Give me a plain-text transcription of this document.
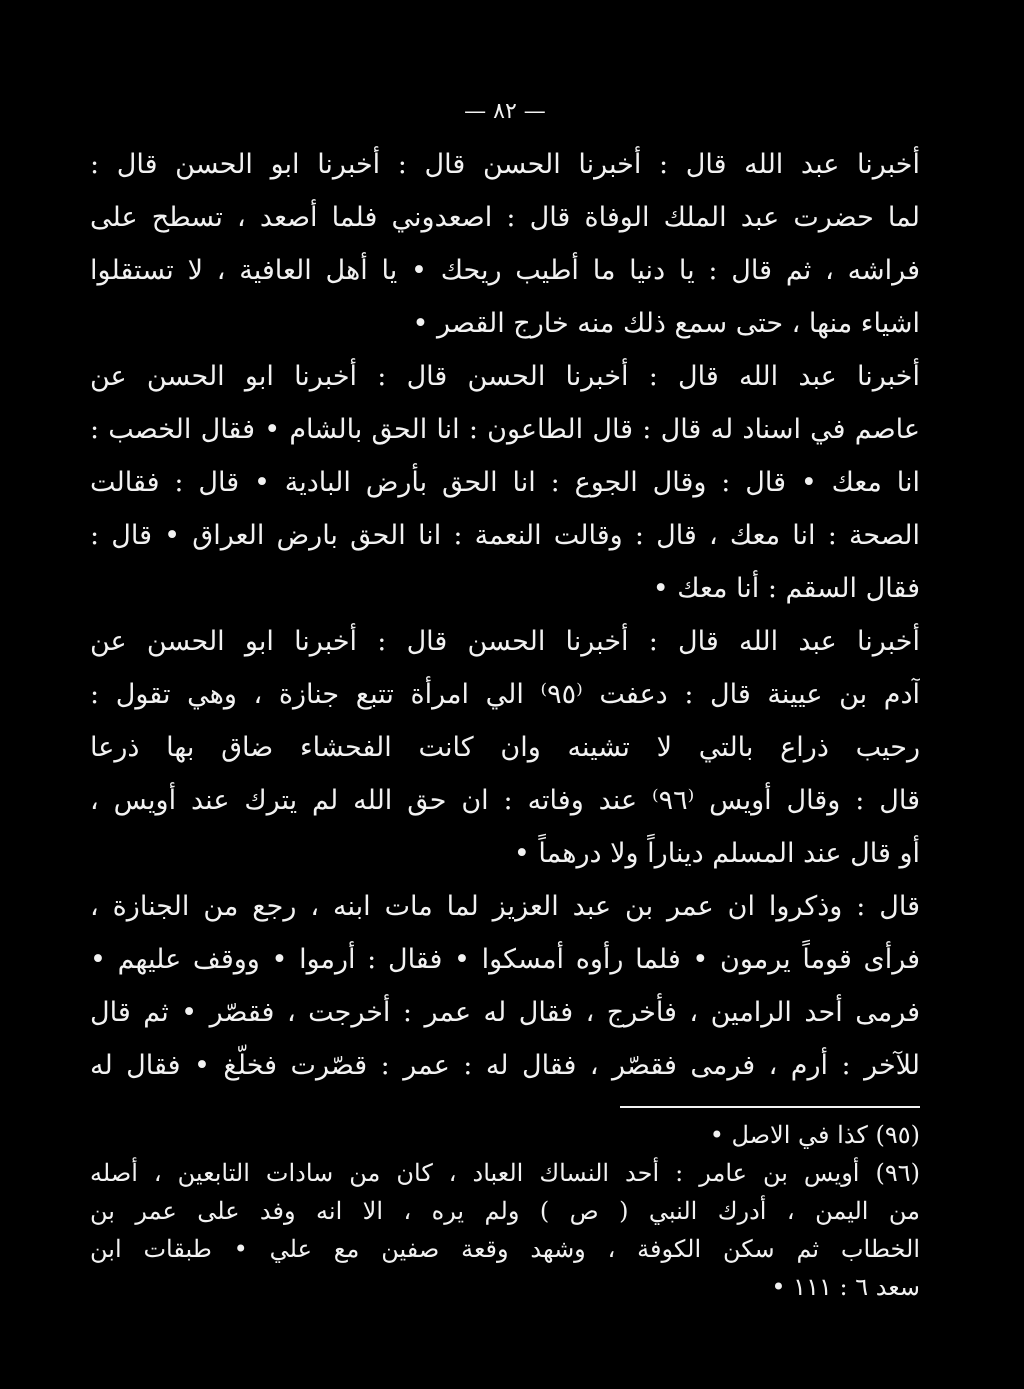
— ٨٢ —
أخبرنا عبد الله قال : أخبرنا الحسن قال : أخبرنا ابو الحسن قال :
لما حضرت عبد الملك الوفاة قال : اصعدوني فلما أصعد ، تسطح على
فراشه ، ثم قال : يا دنيا ما أطيب ريحك • يا أهل العافية ، لا تستقلوا
اشياء منها ، حتى سمع ذلك منه خارج القصر •
أخبرنا عبد الله قال : أخبرنا الحسن قال : أخبرنا ابو الحسن عن
عاصم في اسناد له قال : قال الطاعون : انا الحق بالشام • فقال الخصب :
انا معك • قال : وقال الجوع : انا الحق بأرض البادية • قال : فقالت
الصحة : انا معك ، قال : وقالت النعمة : انا الحق بارض العراق • قال :
فقال السقم : أنا معك •
أخبرنا عبد الله قال : أخبرنا الحسن قال : أخبرنا ابو الحسن عن
آدم بن عيينة قال : دعفت ⁽٩٥⁾ الي امرأة تتبع جنازة ، وهي تقول :
رحيب ذراع بالتي لا تشينه وان كانت الفحشاء ضاق بها ذرعا
قال : وقال أويس ⁽٩٦⁾ عند وفاته : ان حق الله لم يترك عند أويس ،
أو قال عند المسلم ديناراً ولا درهماً •
قال : وذكروا ان عمر بن عبد العزيز لما مات ابنه ، رجع من الجنازة ،
فرأى قوماً يرمون • فلما رأوه أمسكوا • فقال : أرموا • ووقف عليهم •
فرمى أحد الرامين ، فأخرج ، فقال له عمر : أخرجت ، فقصّر • ثم قال
للآخر : أرم ، فرمى فقصّر ، فقال له : عمر : قصّرت فخلّغ • فقال له
(٩٥) كذا في الاصل •
(٩٦) أويس بن عامر : أحد النساك العباد ، كان من سادات التابعين ، أصله
من اليمن ، أدرك النبي ( ص ) ولم يره ، الا انه وفد على عمر بن
الخطاب ثم سكن الكوفة ، وشهد وقعة صفين مع علي • طبقات ابن
سعد ٦ : ١١١ •
